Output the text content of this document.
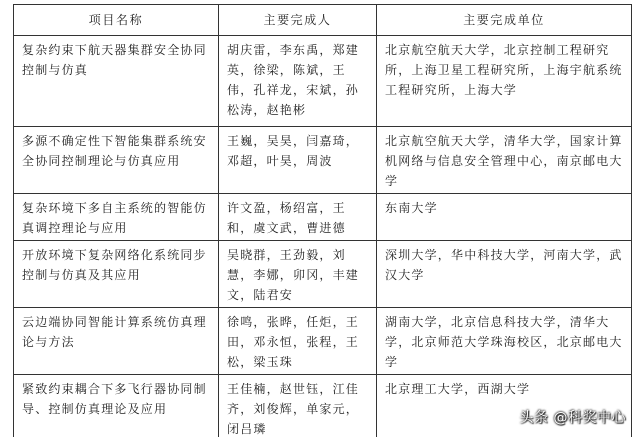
项目名称	主要完成人	主要完成单位
复杂约束下航天器集群安全协同控制与仿真	胡庆雷，李东禹，郑建英，徐梁，陈斌，王伟，孔祥龙，宋斌，孙松涛，赵艳彬	北京航空航天大学，北京控制工程研究所，上海卫星工程研究所，上海宇航系统工程研究所，上海大学
多源不确定性下智能集群系统安全协同控制理论与仿真应用	王巍，吴昊，闫嘉琦，邓超，叶昊，周波	北京航空航天大学，清华大学，国家计算机网络与信息安全管理中心，南京邮电大学
复杂环境下多自主系统的智能仿真调控理论与应用	许文盈，杨绍富，王和，虞文武，曹进德	东南大学
开放环境下复杂网络化系统同步控制与仿真及其应用	吴晓群，王劲毅，刘慧，李娜，卯冈，丰建文，陆君安	深圳大学，华中科技大学，河南大学，武汉大学
云边端协同智能计算系统仿真理论与方法	徐鸣，张晔，任炬，王田，邓永恒，张程，王松，梁玉珠	湖南大学，北京信息科技大学，清华大学，北京师范大学珠海校区，北京邮电大学
紧致约束耦合下多飞行器协同制导、控制仿真理论及应用	王佳楠，赵世钰，江佳齐，刘俊辉，单家元，闭吕璘	北京理工大学，西湖大学
头条 @科奖中心
